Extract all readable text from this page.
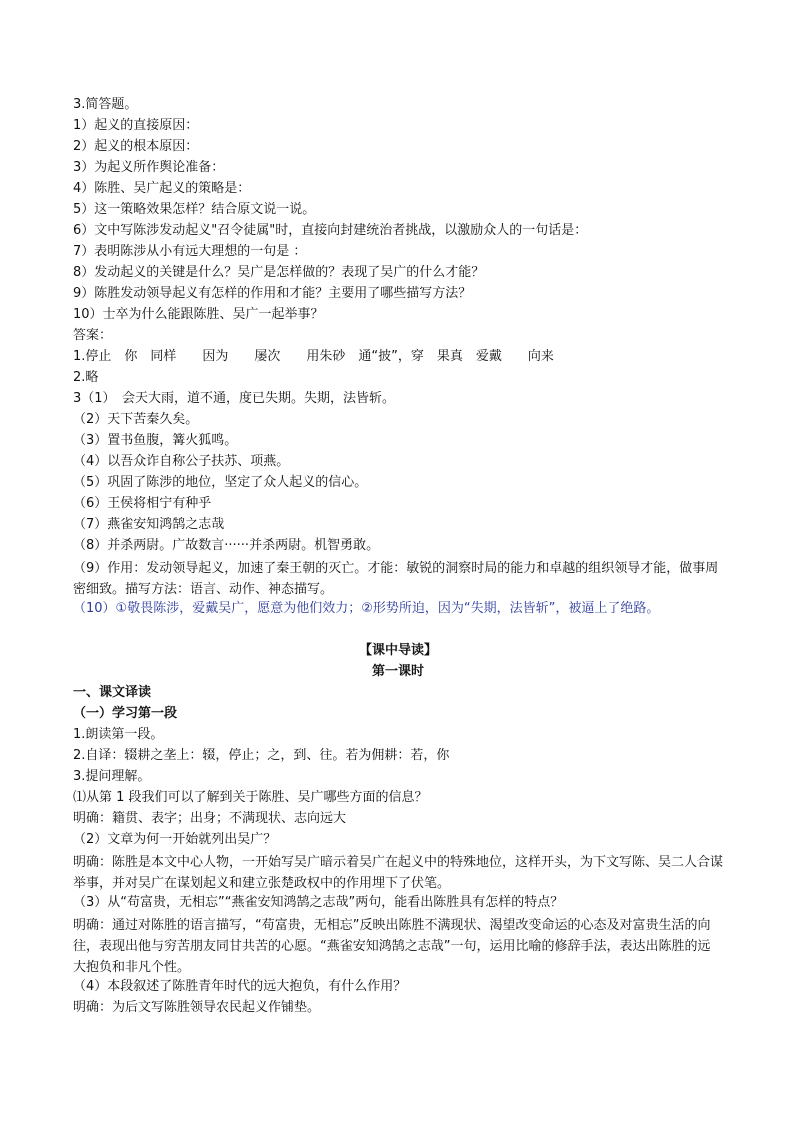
3.简答题。
1）起义的直接原因：
2）起义的根本原因：
3）为起义所作舆论准备：
4）陈胜、吴广起义的策略是：
5）这一策略效果怎样？结合原文说一说。
6）文中写陈涉发动起义"召令徒属"时，直接向封建统治者挑战，以激励众人的一句话是：
7）表明陈涉从小有远大理想的一句是 ：
8）发动起义的关键是什么？吴广是怎样做的？表现了吴广的什么才能？
9）陈胜发动领导起义有怎样的作用和才能？主要用了哪些描写方法？
10）士卒为什么能跟陈胜、吴广一起举事？
答案：
1.停止　你　同样　　因为　　屡次　　用朱砂　通“披”，穿　果真　爱戴　　向来
2.略
3（1）　会天大雨，道不通，度已失期。失期，法皆斩。
（2）天下苦秦久矣。
（3）置书鱼腹，篝火狐鸣。
（4）以吾众诈自称公子扶苏、项燕。
（5）巩固了陈涉的地位，坚定了众人起义的信心。
（6）王侯将相宁有种乎
（7）燕雀安知鸿鹄之志哉
（8）并杀两尉。广故数言······并杀两尉。机智勇敢。
（9）作用：发动领导起义，加速了秦王朝的灭亡。才能：敏锐的洞察时局的能力和卓越的组织领导才能，做事周密细致。描写方法：语言、动作、神态描写。
（10）①敬畏陈涉，爱戴吴广，愿意为他们效力；②形势所迫，因为“失期，法皆斩”，被逼上了绝路。
【课中导读】
第一课时
一、课文译读
（一）学习第一段
1.朗读第一段。
2.自译：辍耕之垄上：辍，停止；之，到、往。若为佣耕：若，你
3.提问理解。
⑴从第 1 段我们可以了解到关于陈胜、吴广哪些方面的信息？
明确：籍贯、表字；出身；不满现状、志向远大
（2）文章为何一开始就列出吴广？
明确：陈胜是本文中心人物，一开始写吴广暗示着吴广在起义中的特殊地位，这样开头，为下文写陈、吴二人合谋举事，并对吴广在谋划起义和建立张楚政权中的作用埋下了伏笔。
（3）从“苟富贵，无相忘”“燕雀安知鸿鹄之志哉”两句，能看出陈胜具有怎样的特点？
明确：通过对陈胜的语言描写，“苟富贵，无相忘”反映出陈胜不满现状、渴望改变命运的心态及对富贵生活的向往，表现出他与穷苦朋友同甘共苦的心愿。“燕雀安知鸿鹄之志哉”一句，运用比喻的修辞手法，表达出陈胜的远大抱负和非凡个性。
（4）本段叙述了陈胜青年时代的远大抱负，有什么作用？
明确：为后文写陈胜领导农民起义作铺垫。
